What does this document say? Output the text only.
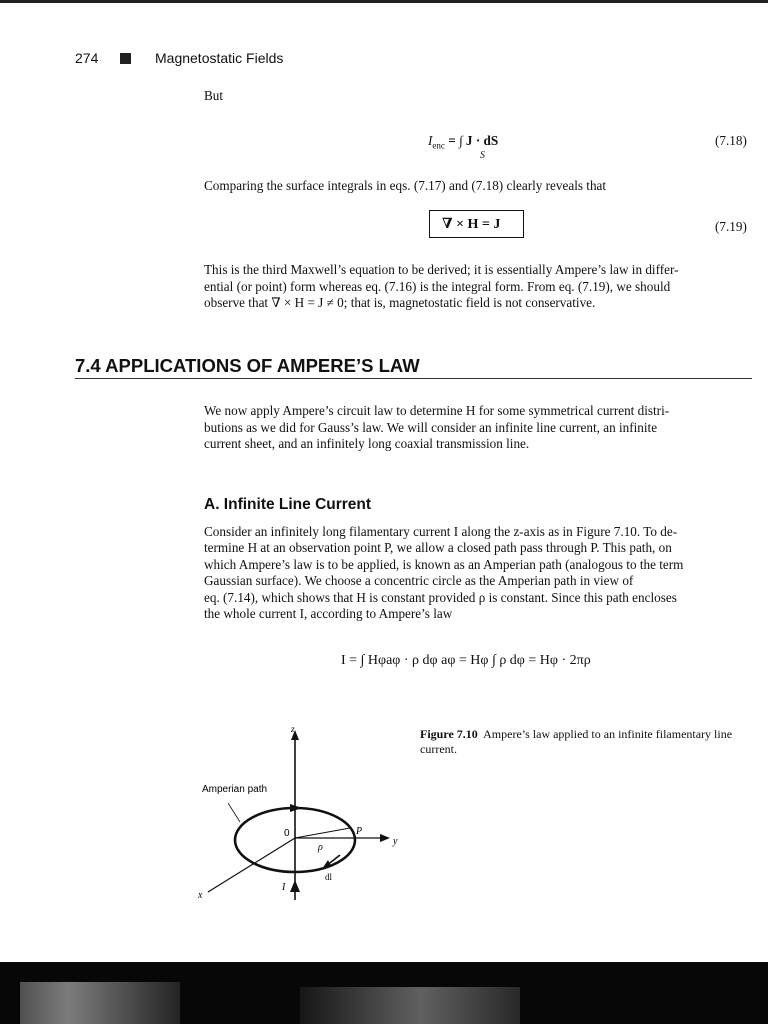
274	Magnetostatic Fields
But
$I_{enc}$ = ∫ J · dS
S
(7.18)
Comparing the surface integrals in eqs. (7.17) and (7.18) clearly reveals that
∇ × H = J	(7.19)
This is the third Maxwell’s equation to be derived; it is essentially Ampere’s law in differ-
ential (or point) form whereas eq. (7.16) is the integral form. From eq. (7.19), we should
observe that ∇ × H = J ≠ 0; that is, magnetostatic field is not conservative.
7.4 APPLICATIONS OF AMPERE’S LAW
We now apply Ampere’s circuit law to determine H for some symmetrical current distri-
butions as we did for Gauss’s law. We will consider an infinite line current, an infinite
current sheet, and an infinitely long coaxial transmission line.
A. Infinite Line Current
Consider an infinitely long filamentary current I along the z-axis as in Figure 7.10. To de-
termine H at an observation point P, we allow a closed path pass through P. This path, on
which Ampere’s law is to be applied, is known as an Amperian path (analogous to the term
Gaussian surface). We choose a concentric circle as the Amperian path in view of
eq. (7.14), which shows that H is constant provided ρ is constant. Since this path encloses
the whole current I, according to Ampere’s law
I = ∫ Hφaφ · ρ dφ aφ = Hφ ∫ ρ dφ = Hφ · 2πρ
Amperian path
z
y
x
0	P
ρ
dl
I
Figure 7.10 Ampere’s law applied to an infinite filamentary line current.
